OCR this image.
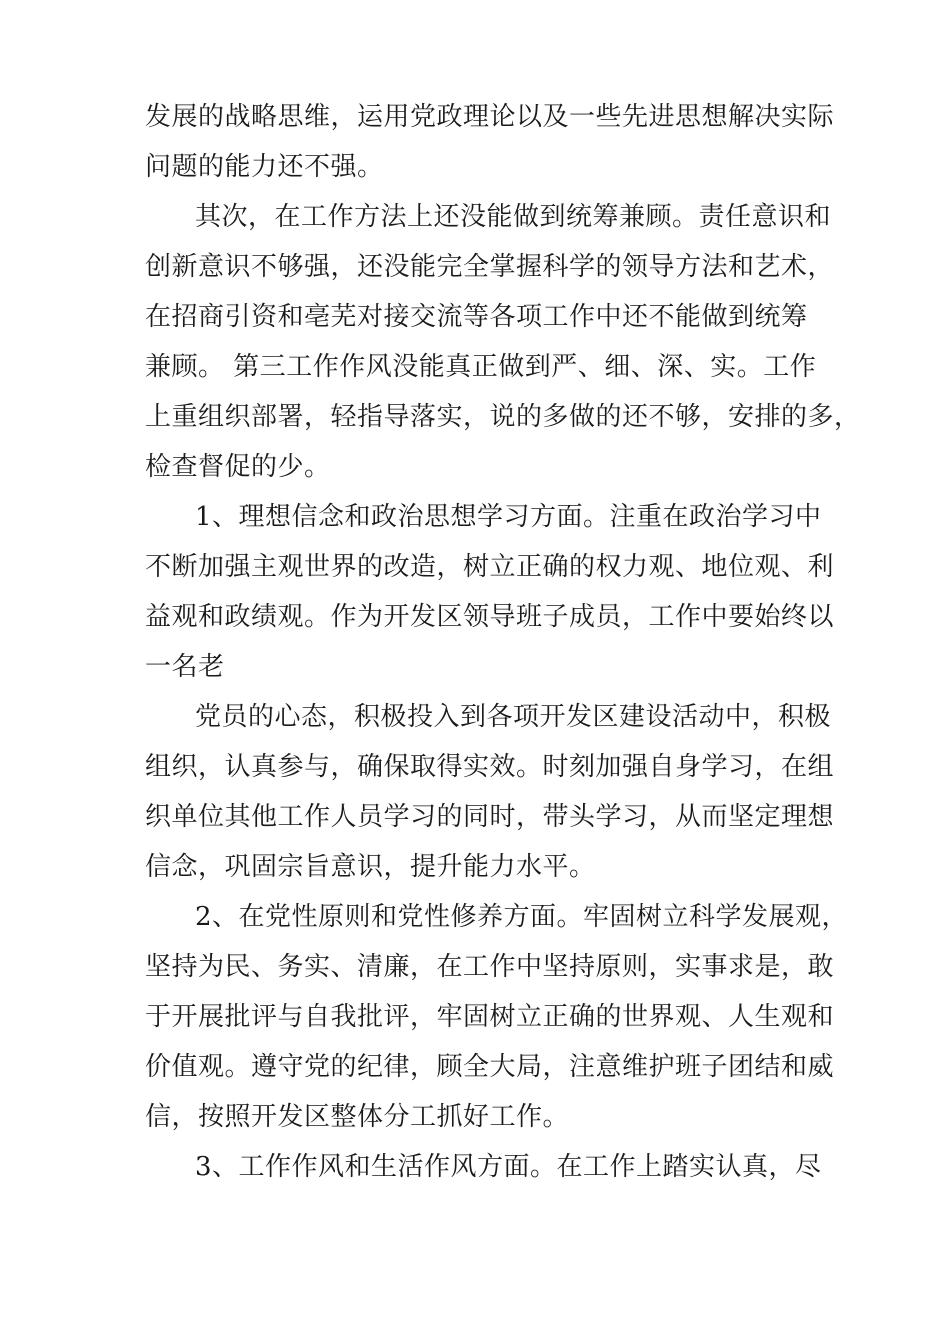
发展的战略思维，运用党政理论以及一些先进思想解决实际
问题的能力还不强。
其次，在工作方法上还没能做到统筹兼顾。责任意识和
创新意识不够强，还没能完全掌握科学的领导方法和艺术，
在招商引资和亳芜对接交流等各项工作中还不能做到统筹
兼顾。 第三工作作风没能真正做到严、细、深、实。工作
上重组织部署，轻指导落实，说的多做的还不够，安排的多，
检查督促的少。
1、理想信念和政治思想学习方面。注重在政治学习中
不断加强主观世界的改造，树立正确的权力观、地位观、利
益观和政绩观。作为开发区领导班子成员，工作中要始终以
一名老
党员的心态，积极投入到各项开发区建设活动中，积极
组织，认真参与，确保取得实效。时刻加强自身学习，在组
织单位其他工作人员学习的同时，带头学习，从而坚定理想
信念，巩固宗旨意识，提升能力水平。
2、在党性原则和党性修养方面。牢固树立科学发展观，
坚持为民、务实、清廉，在工作中坚持原则，实事求是，敢
于开展批评与自我批评，牢固树立正确的世界观、人生观和
价值观。遵守党的纪律，顾全大局，注意维护班子团结和威
信，按照开发区整体分工抓好工作。
3、工作作风和生活作风方面。在工作上踏实认真，尽
